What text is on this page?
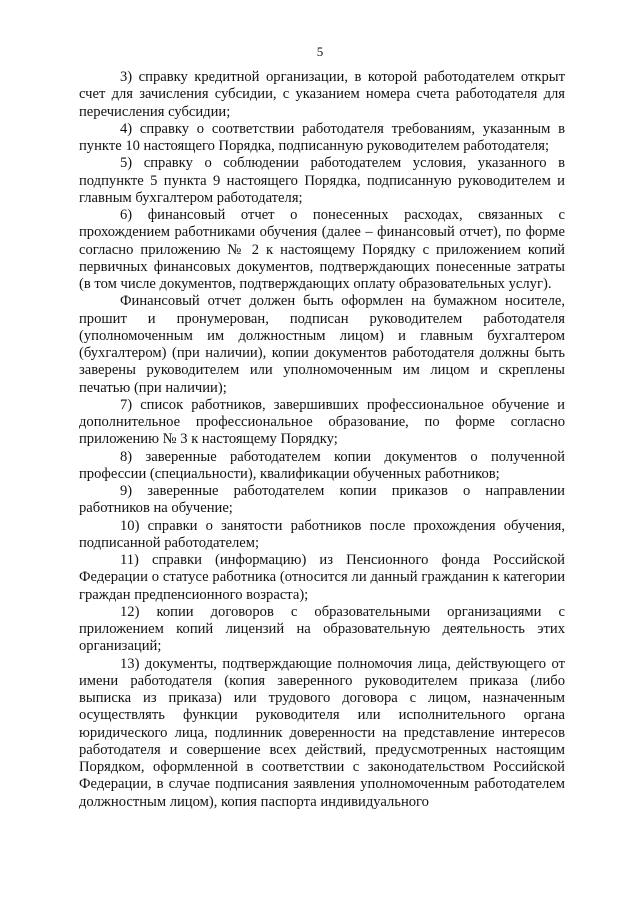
5

3) справку кредитной организации, в которой работодателем открыт счет для зачисления субсидии, с указанием номера счета работодателя для перечисления субсидии;

4) справку о соответствии работодателя требованиям, указанным в пункте 10 настоящего Порядка, подписанную руководителем работодателя;

5) справку о соблюдении работодателем условия, указанного в подпункте 5 пункта 9 настоящего Порядка, подписанную руководителем и главным бухгалтером работодателя;

6) финансовый отчет о понесенных расходах, связанных с прохождением работниками обучения (далее – финансовый отчет), по форме согласно приложению № 2 к настоящему Порядку с приложением копий первичных финансовых документов, подтверждающих понесенные затраты (в том числе документов, подтверждающих оплату образовательных услуг).

Финансовый отчет должен быть оформлен на бумажном носителе, прошит и пронумерован, подписан руководителем работодателя (уполномоченным им должностным лицом) и главным бухгалтером (бухгалтером) (при наличии), копии документов работодателя должны быть заверены руководителем или уполномоченным им лицом и скреплены печатью (при наличии);

7) список работников, завершивших профессиональное обучение и дополнительное профессиональное образование, по форме согласно приложению № 3 к настоящему Порядку;

8) заверенные работодателем копии документов о полученной профессии (специальности), квалификации обученных работников;

9) заверенные работодателем копии приказов о направлении работников на обучение;

10) справки о занятости работников после прохождения обучения, подписанной работодателем;

11) справки (информацию) из Пенсионного фонда Российской Федерации о статусе работника (относится ли данный гражданин к категории граждан предпенсионного возраста);

12) копии договоров с образовательными организациями с приложением копий лицензий на образовательную деятельность этих организаций;

13) документы, подтверждающие полномочия лица, действующего от имени работодателя (копия заверенного руководителем приказа (либо выписка из приказа) или трудового договора с лицом, назначенным осуществлять функции руководителя или исполнительного органа юридического лица, подлинник доверенности на представление интересов работодателя и совершение всех действий, предусмотренных настоящим Порядком, оформленной в соответствии с законодательством Российской Федерации, в случае подписания заявления уполномоченным работодателем должностным лицом), копия паспорта индивидуального
